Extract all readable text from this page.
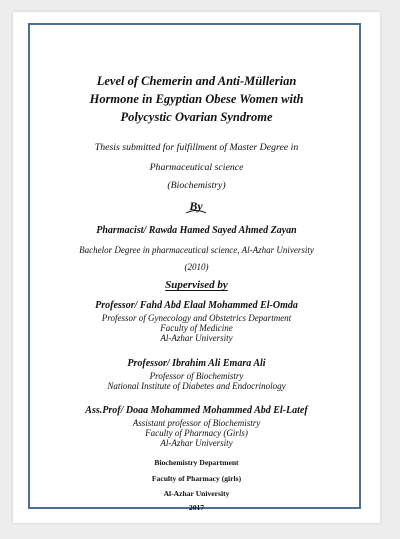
Level of Chemerin and Anti-Müllerian
Hormone in Egyptian Obese Women with
Polycystic Ovarian Syndrome
Thesis submitted for fulfillment of Master Degree in
Pharmaceutical science
(Biochemistry)
By
Pharmacist/ Rawda Hamed Sayed Ahmed Zayan
Bachelor Degree in pharmaceutical science, Al-Azhar University
(2010)
Supervised by
Professor/ Fahd Abd Elaal Mohammed El-Omda
Professor of Gynecology and Obstetrics Department
Faculty of Medicine
Al-Azhar University
Professor/ Ibrahim Ali Emara Ali
Professor of Biochemistry
National Institute of Diabetes and Endocrinology
Ass.Prof/ Doaa Mohammed Mohammed Abd El-Latef
Assistant professor of Biochemistry
Faculty of Pharmacy (Girls)
Al-Azhar University
Biochemistry Department
Faculty of Pharmacy (girls)
Al-Azhar University
2017
